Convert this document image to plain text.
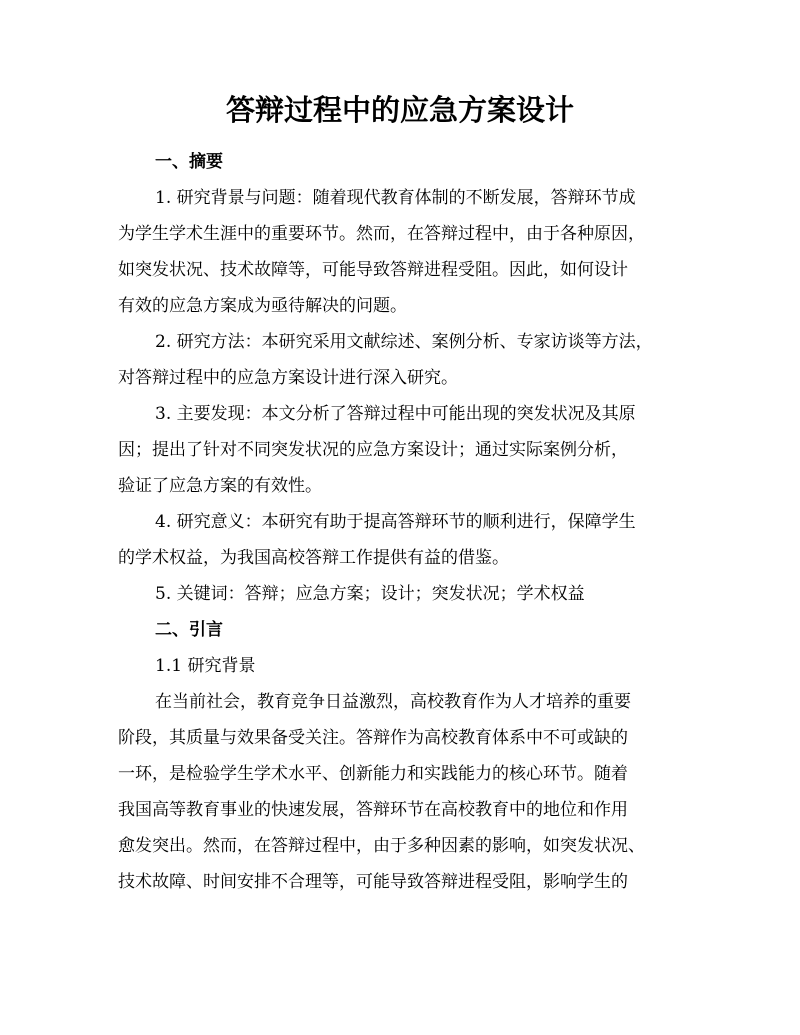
答辩过程中的应急方案设计
一、摘要
1. 研究背景与问题：随着现代教育体制的不断发展，答辩环节成
为学生学术生涯中的重要环节。然而，在答辩过程中，由于各种原因，
如突发状况、技术故障等，可能导致答辩进程受阻。因此，如何设计
有效的应急方案成为亟待解决的问题。
2. 研究方法：本研究采用文献综述、案例分析、专家访谈等方法，
对答辩过程中的应急方案设计进行深入研究。
3. 主要发现：本文分析了答辩过程中可能出现的突发状况及其原
因；提出了针对不同突发状况的应急方案设计；通过实际案例分析，
验证了应急方案的有效性。
4. 研究意义：本研究有助于提高答辩环节的顺利进行，保障学生
的学术权益，为我国高校答辩工作提供有益的借鉴。
5. 关键词：答辩；应急方案；设计；突发状况；学术权益
二、引言
1.1 研究背景
在当前社会，教育竞争日益激烈，高校教育作为人才培养的重要
阶段，其质量与效果备受关注。答辩作为高校教育体系中不可或缺的
一环，是检验学生学术水平、创新能力和实践能力的核心环节。随着
我国高等教育事业的快速发展，答辩环节在高校教育中的地位和作用
愈发突出。然而，在答辩过程中，由于多种因素的影响，如突发状况、
技术故障、时间安排不合理等，可能导致答辩进程受阻，影响学生的
